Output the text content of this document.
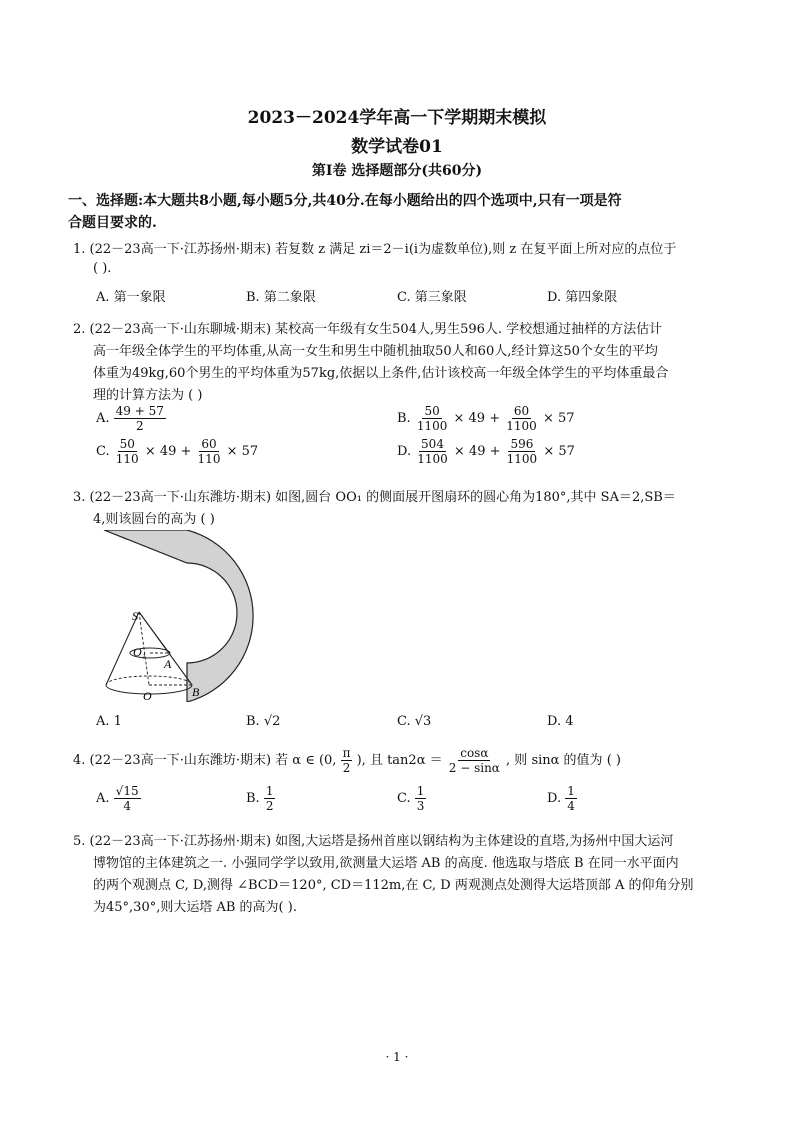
2023－2024学年高一下学期期末模拟
数学试卷01
第Ⅰ卷 选择题部分(共60分)
一、选择题:本大题共8小题,每小题5分,共40分.在每小题给出的四个选项中,只有一项是符
合题目要求的.
1. (22－23高一下·江苏扬州·期末) 若复数 z 满足 zi＝2－i(i为虚数单位),则 z 在复平面上所对应的点位于
( ).
A. 第一象限	B. 第二象限	C. 第三象限	D. 第四象限
2. (22－23高一下·山东聊城·期末) 某校高一年级有女生504人,男生596人. 学校想通过抽样的方法估计
高一年级全体学生的平均体重,从高一女生和男生中随机抽取50人和60人,经计算这50个女生的平均
体重为49kg,60个男生的平均体重为57kg,依据以上条件,估计该校高一年级全体学生的平均体重最合
理的计算方法为 ( )
A. $\frac{49 + 57}{2}$	B. $\frac{50}{1100} \times 49 + \frac{60}{1100} \times 57$
C. $\frac{50}{110} \times 49 + \frac{60}{110} \times 57$	D. $\frac{504}{1100} \times 49 + \frac{596}{1100} \times 57$
3. (22－23高一下·山东潍坊·期末) 如图,圆台 OO₁ 的侧面展开图扇环的圆心角为180°,其中 SA＝2,SB＝
4,则该圆台的高为 ( )
S
O₁
A
O	B
A. 1	B. √2	C. √3	D. 4
4. (22－23高一下·山东潍坊·期末) 若 α ∈ (0, $\frac{\pi}{2}$ ), 且 $\tan 2\alpha = \frac{\cos\alpha}{2 - \sin\alpha}$ , 则 sinα 的值为 ( )
A. $\frac{√15}{4}$	B. $\frac{1}{2}$	C. $\frac{1}{3}$	D. $\frac{1}{4}$
5. (22－23高一下·江苏扬州·期末) 如图,大运塔是扬州首座以钢结构为主体建设的直塔,为扬州中国大运河
博物馆的主体建筑之一. 小强同学学以致用,欲测量大运塔 AB 的高度. 他选取与塔底 B 在同一水平面内
的两个观测点 C, D,测得 ∠BCD＝120°, CD＝112m,在 C, D 两观测点处测得大运塔顶部 A 的仰角分别
为45°,30°,则大运塔 AB 的高为( ).
· 1 ·
